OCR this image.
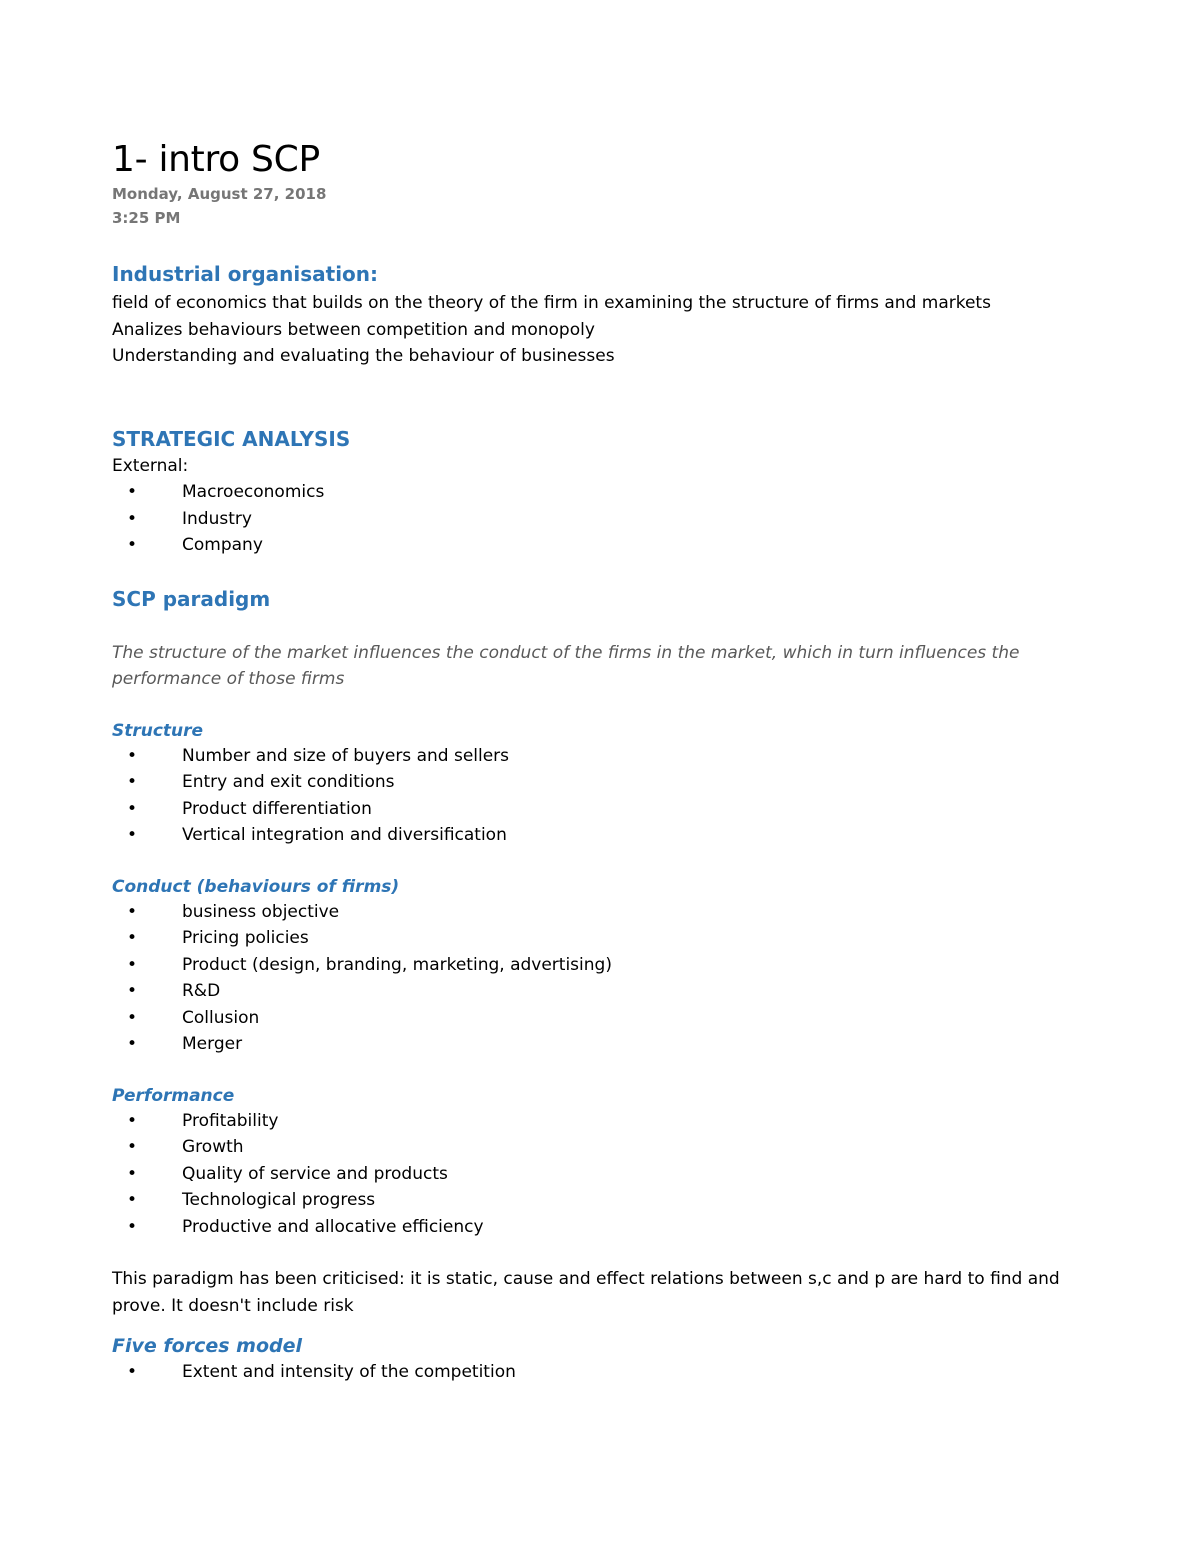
1- intro SCP
Monday, August 27, 2018
3:25 PM
Industrial organisation:

field of economics that builds on the theory of the firm in examining the structure of firms and markets

Analizes behaviours between competition and monopoly

Understanding and evaluating the behaviour of businesses

STRATEGIC ANALYSIS

External:

•	Macroeconomics
•	Industry
•	Company
SCP paradigm

The structure of the market influences the conduct of the firms in the market, which in turn influences the performance of those firms

Structure
•	Number and size of buyers and sellers
•	Entry and exit conditions
•	Product differentiation
•	Vertical integration and diversification
Conduct (behaviours of firms)
•	business objective
•	Pricing policies
•	Product (design, branding, marketing, advertising)
•	R&D
•	Collusion
•	Merger
Performance
•	Profitability
•	Growth
•	Quality of service and products
•	Technological progress
•	Productive and allocative efficiency

This paradigm has been criticised: it is static, cause and effect relations between s,c and p are hard to find and prove. It doesn't include risk

Five forces model
•	Extent and intensity of the competition
